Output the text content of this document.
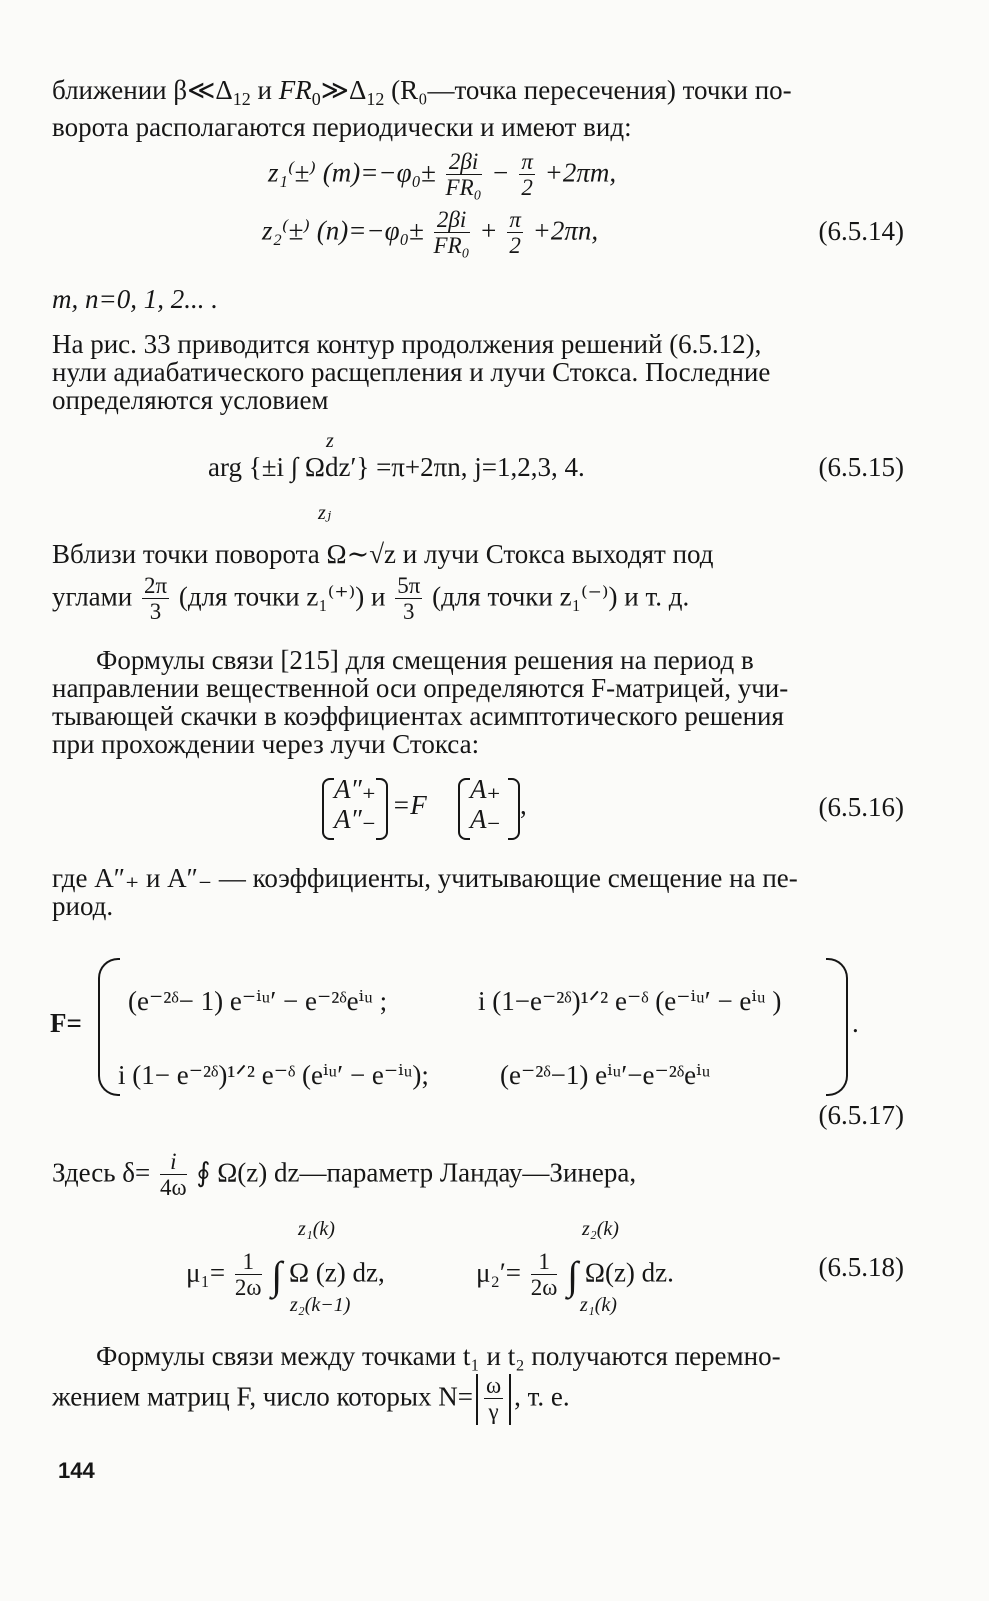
ближении $\beta≪\Delta_{12}$ и $FR_0≫\Delta_{12}$ (R₀—точка пересечения) точки по-
ворота располагаются периодически и имеют вид:
z₁⁽±⁾ $(m)=-\varphi_0\pm \frac{2\beta i}{\text{FR₀}} - \frac{\pi}{2} +2\pi m$,
z₂⁽±⁾ $(n)=-\varphi_0\pm \frac{2\beta i}{\text{FR₀}} + \frac{\pi}{2} +2\pi n$,	(6.5.14)
m, n=0, 1, 2... .
На рис. 33 приводится контур продолжения решений (6.5.12),
нули адиабатического расщепления и лучи Стокса. Последние
определяются условием
z
arg {±i ∫ Ωdz′} =π+2πn, j=1,2,3, 4.
zⱼ
(6.5.15)
Вблизи точки поворота Ω∼√z и лучи Стокса выходят под
углами $\frac{2\pi}{3} (для$ точки z₁⁽⁺⁾) и $\frac{5\pi}{3} (для$ точки z₁⁽⁻⁾) и т. д.
Формулы связи [215] для смещения решения на период в
направлении вещественной оси определяются F-матрицей, учи-
тывающей скачки в коэффициентах асимптотического решения
при прохождении через лучи Стокса:
A″₊
A″₋ =F
A₊
A₋ ,	(6.5.16)
где A″₊ и A″₋ — коэффициенты, учитывающие смещение на пе-
риод.
F=
(e⁻²ᵟ− 1) e⁻ⁱᵘ′ − e⁻²ᵟeⁱᵘ ;	i (1−e⁻²ᵟ)¹ᐟ² e⁻ᵟ (e⁻ⁱᵘ′ − eⁱᵘ )
i (1− e⁻²ᵟ)¹ᐟ² e⁻ᵟ (eⁱᵘ′ − e⁻ⁱᵘ);	(e⁻²ᵟ−1) eⁱᵘ′−e⁻²ᵟeⁱᵘ
.
(6.5.17)
Здесь $\delta= \frac{i}{4\omega}$ ∮ Ω(z) dz—параметр Ландау—Зинера,
z₁(k)
$\mu_1= \frac{1}{2\omega}$ ∫ Ω (z) dz,
z₂(k−1)
z₂(k)
$\mu_2'= \frac{1}{2\omega}$ ∫ Ω(z) dz.
z₁(k)
(6.5.18)
Формулы связи между точками t₁ и t₂ получаются перемно-
жением матриц F, число которых $N= \frac{\omega}{\gamma}$ , т. е.
144
